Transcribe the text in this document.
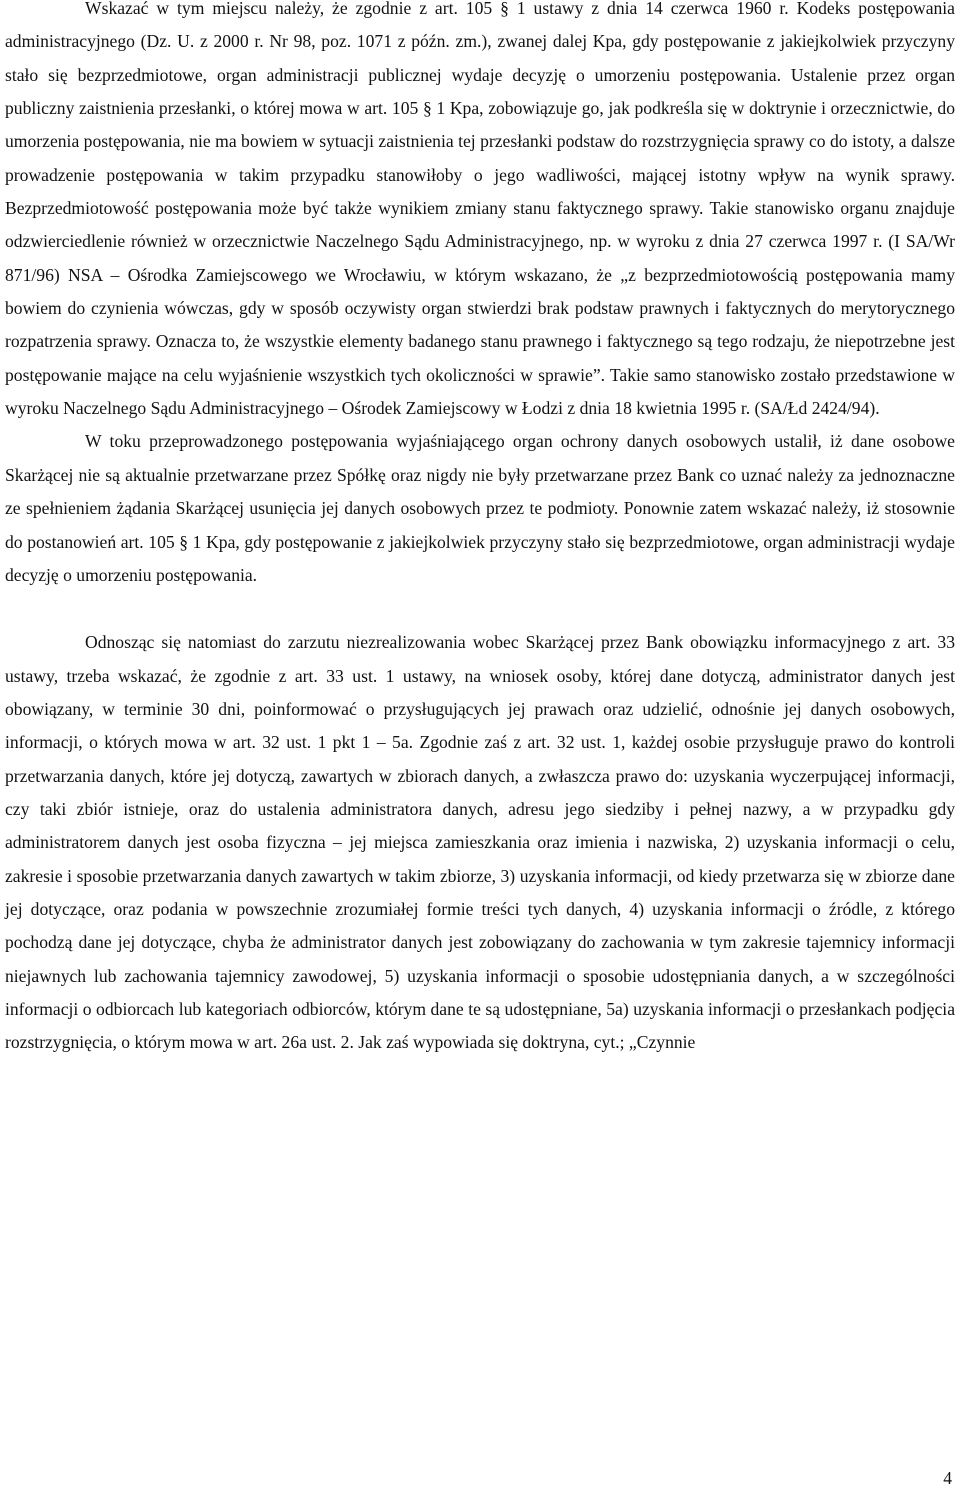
Wskazać w tym miejscu należy, że zgodnie z art. 105 § 1 ustawy z dnia 14 czerwca 1960 r. Kodeks postępowania administracyjnego (Dz. U. z 2000 r. Nr 98, poz. 1071 z późn. zm.), zwanej dalej Kpa, gdy postępowanie z jakiejkolwiek przyczyny stało się bezprzedmiotowe, organ administracji publicznej wydaje decyzję o umorzeniu postępowania. Ustalenie przez organ publiczny zaistnienia przesłanki, o której mowa w art. 105 § 1 Kpa, zobowiązuje go, jak podkreśla się w doktrynie i orzecznictwie, do umorzenia postępowania, nie ma bowiem w sytuacji zaistnienia tej przesłanki podstaw do rozstrzygnięcia sprawy co do istoty, a dalsze prowadzenie postępowania w takim przypadku stanowiłoby o jego wadliwości, mającej istotny wpływ na wynik sprawy. Bezprzedmiotowość postępowania może być także wynikiem zmiany stanu faktycznego sprawy. Takie stanowisko organu znajduje odzwierciedlenie również w orzecznictwie Naczelnego Sądu Administracyjnego, np. w wyroku z dnia 27 czerwca 1997 r. (I SA/Wr 871/96) NSA – Ośrodka Zamiejscowego we Wrocławiu, w którym wskazano, że „z bezprzedmiotowością postępowania mamy bowiem do czynienia wówczas, gdy w sposób oczywisty organ stwierdzi brak podstaw prawnych i faktycznych do merytorycznego rozpatrzenia sprawy. Oznacza to, że wszystkie elementy badanego stanu prawnego i faktycznego są tego rodzaju, że niepotrzebne jest postępowanie mające na celu wyjaśnienie wszystkich tych okoliczności w sprawie”. Takie samo stanowisko zostało przedstawione w wyroku Naczelnego Sądu Administracyjnego – Ośrodek Zamiejscowy w Łodzi z dnia 18 kwietnia 1995 r. (SA/Łd 2424/94).

W toku przeprowadzonego postępowania wyjaśniającego organ ochrony danych osobowych ustalił, iż dane osobowe Skarżącej nie są aktualnie przetwarzane przez Spółkę oraz nigdy nie były przetwarzane przez Bank co uznać należy za jednoznaczne ze spełnieniem żądania Skarżącej usunięcia jej danych osobowych przez te podmioty. Ponownie zatem wskazać należy, iż stosownie do postanowień art. 105 § 1 Kpa, gdy postępowanie z jakiejkolwiek przyczyny stało się bezprzedmiotowe, organ administracji wydaje decyzję o umorzeniu postępowania.

Odnosząc się natomiast do zarzutu niezrealizowania wobec Skarżącej przez Bank obowiązku informacyjnego z art. 33 ustawy, trzeba wskazać, że zgodnie z art. 33 ust. 1 ustawy, na wniosek osoby, której dane dotyczą, administrator danych jest obowiązany, w terminie 30 dni, poinformować o przysługujących jej prawach oraz udzielić, odnośnie jej danych osobowych, informacji, o których mowa w art. 32 ust. 1 pkt 1 – 5a. Zgodnie zaś z art. 32 ust. 1, każdej osobie przysługuje prawo do kontroli przetwarzania danych, które jej dotyczą, zawartych w zbiorach danych, a zwłaszcza prawo do: uzyskania wyczerpującej informacji, czy taki zbiór istnieje, oraz do ustalenia administratora danych, adresu jego siedziby i pełnej nazwy, a w przypadku gdy administratorem danych jest osoba fizyczna – jej miejsca zamieszkania oraz imienia i nazwiska, 2) uzyskania informacji o celu, zakresie i sposobie przetwarzania danych zawartych w takim zbiorze, 3) uzyskania informacji, od kiedy przetwarza się w zbiorze dane jej dotyczące, oraz podania w powszechnie zrozumiałej formie treści tych danych, 4) uzyskania informacji o źródle, z którego pochodzą dane jej dotyczące, chyba że administrator danych jest zobowiązany do zachowania w tym zakresie tajemnicy informacji niejawnych lub zachowania tajemnicy zawodowej, 5) uzyskania informacji o sposobie udostępniania danych, a w szczególności informacji o odbiorcach lub kategoriach odbiorców, którym dane te są udostępniane, 5a) uzyskania informacji o przesłankach podjęcia rozstrzygnięcia, o którym mowa w art. 26a ust. 2. Jak zaś wypowiada się doktryna, cyt.; „Czynnie

4
